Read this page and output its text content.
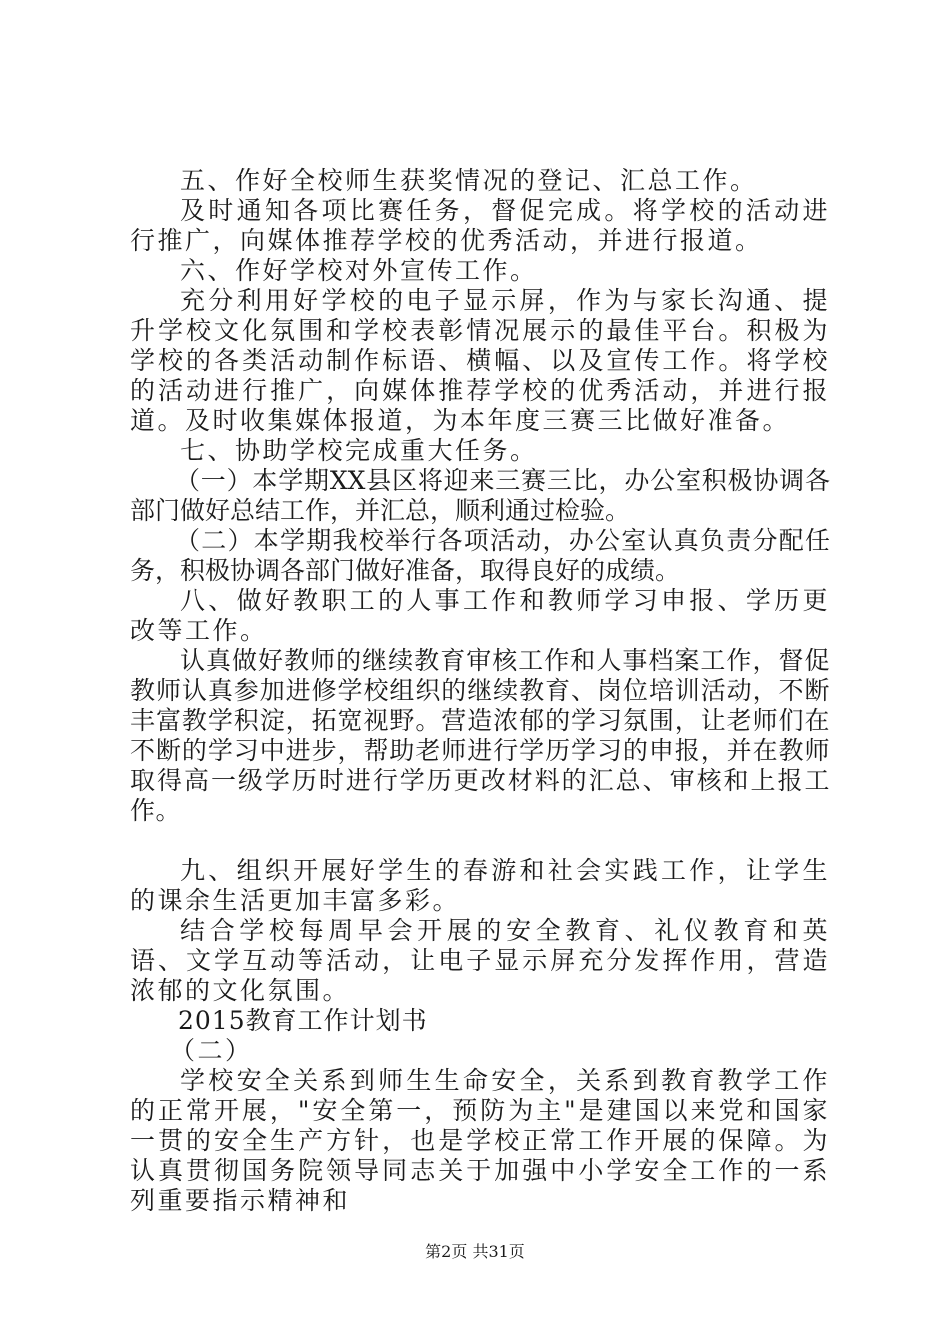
五、作好全校师生获奖情况的登记、汇总工作。

及时通知各项比赛任务，督促完成。将学校的活动进行推广，向媒体推荐学校的优秀活动，并进行报道。

六、作好学校对外宣传工作。

充分利用好学校的电子显示屏，作为与家长沟通、提升学校文化氛围和学校表彰情况展示的最佳平台。积极为学校的各类活动制作标语、横幅、以及宣传工作。将学校的活动进行推广，向媒体推荐学校的优秀活动，并进行报道。及时收集媒体报道，为本年度三赛三比做好准备。

七、协助学校完成重大任务。

（一）本学期XX县区将迎来三赛三比，办公室积极协调各部门做好总结工作，并汇总，顺利通过检验。

（二）本学期我校举行各项活动，办公室认真负责分配任务，积极协调各部门做好准备，取得良好的成绩。

八、做好教职工的人事工作和教师学习申报、学历更改等工作。

认真做好教师的继续教育审核工作和人事档案工作，督促教师认真参加进修学校组织的继续教育、岗位培训活动，不断丰富教学积淀，拓宽视野。营造浓郁的学习氛围，让老师们在不断的学习中进步，帮助老师进行学历学习的申报，并在教师取得高一级学历时进行学历更改材料的汇总、审核和上报工作。

九、组织开展好学生的春游和社会实践工作，让学生的课余生活更加丰富多彩。

结合学校每周早会开展的安全教育、礼仪教育和英语、文学互动等活动，让电子显示屏充分发挥作用，营造浓郁的文化氛围。

2015教育工作计划书

（二）

学校安全关系到师生生命安全，关系到教育教学工作的正常开展，"安全第一，预防为主"是建国以来党和国家一贯的安全生产方针，也是学校正常工作开展的保障。为认真贯彻国务院领导同志关于加强中小学安全工作的一系列重要指示精神和

第2页 共31页
